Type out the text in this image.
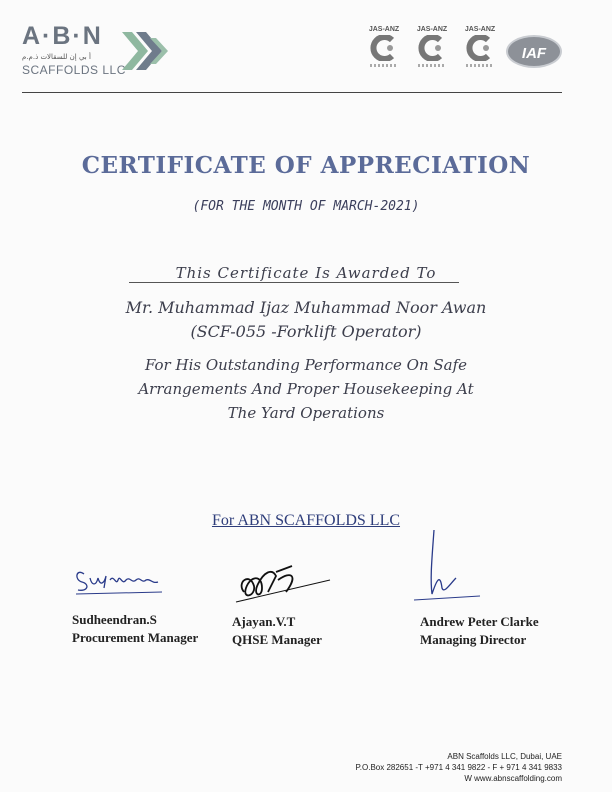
A·B·N
أ بي إن للسقالات ذ.م.م
SCAFFOLDS LLC
JAS-ANZ	JAS-ANZ	JAS-ANZ
IAF
CERTIFICATE OF APPRECIATION
(FOR THE MONTH OF MARCH-2021)
This Certificate Is Awarded To
Mr. Muhammad Ijaz Muhammad Noor Awan
(SCF-055 -Forklift Operator)
For His Outstanding Performance On Safe
Arrangements And Proper Housekeeping At
The Yard Operations
For ABN SCAFFOLDS LLC
Sudheendran.S
Procurement Manager
Ajayan.V.T
QHSE Manager
Andrew Peter Clarke
Managing Director
ABN Scaffolds LLC, Dubai, UAE
P.O.Box 282651 -T +971 4 341 9822 - F + 971 4 341 9833
W www.abnscaffolding.com
